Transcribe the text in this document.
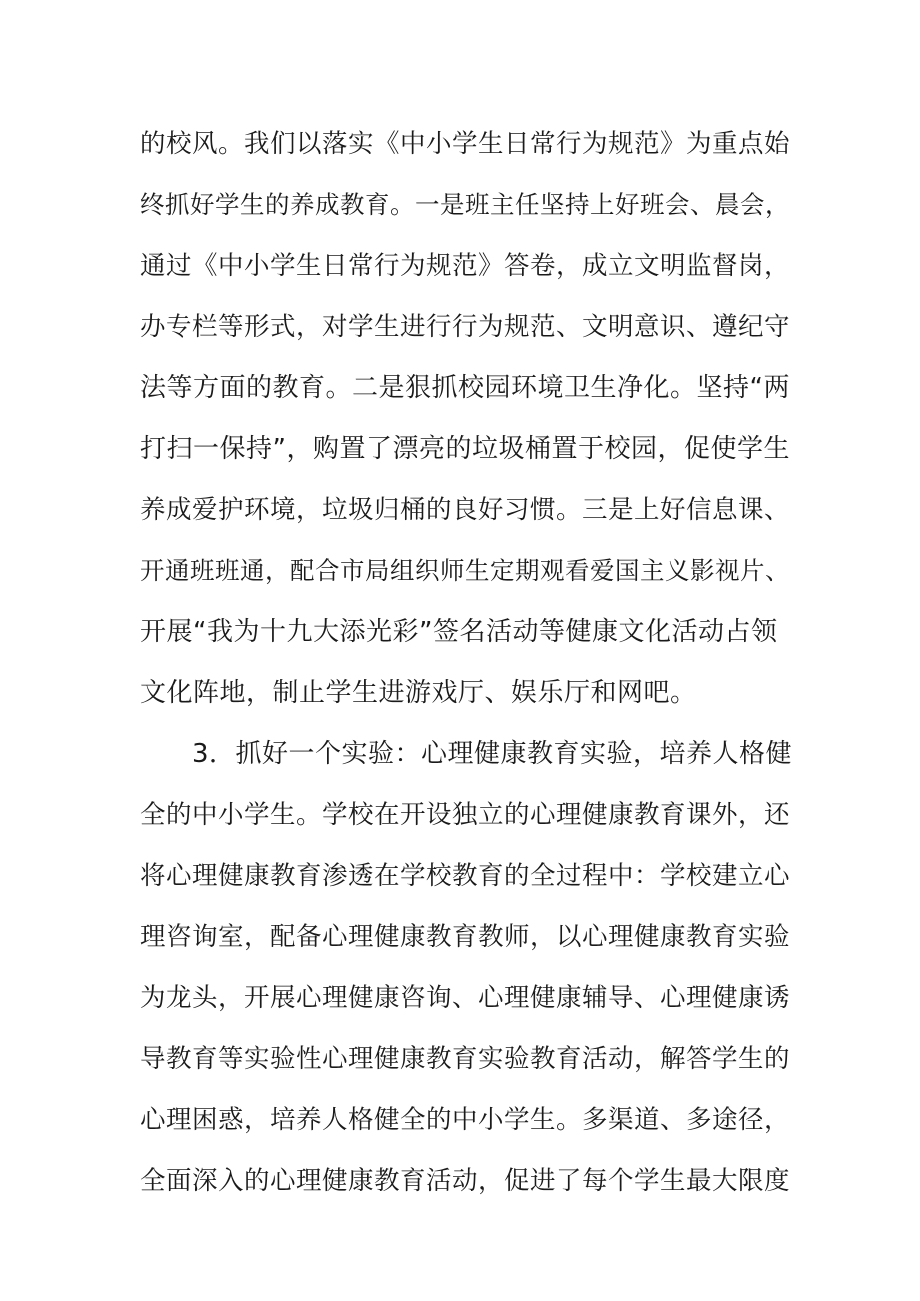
的校风。我们以落实《中小学生日常行为规范》为重点始
终抓好学生的养成教育。一是班主任坚持上好班会、晨会，
通过《中小学生日常行为规范》答卷，成立文明监督岗，
办专栏等形式，对学生进行行为规范、文明意识、遵纪守
法等方面的教育。二是狠抓校园环境卫生净化。坚持“两
打扫一保持”，购置了漂亮的垃圾桶置于校园，促使学生
养成爱护环境，垃圾归桶的良好习惯。三是上好信息课、
开通班班通，配合市局组织师生定期观看爱国主义影视片、
开展“我为十九大添光彩”签名活动等健康文化活动占领
文化阵地，制止学生进游戏厅、娱乐厅和网吧。
3．抓好一个实验：心理健康教育实验，培养人格健
全的中小学生。学校在开设独立的心理健康教育课外，还
将心理健康教育渗透在学校教育的全过程中：学校建立心
理咨询室，配备心理健康教育教师，以心理健康教育实验
为龙头，开展心理健康咨询、心理健康辅导、心理健康诱
导教育等实验性心理健康教育实验教育活动，解答学生的
心理困惑，培养人格健全的中小学生。多渠道、多途径，
全面深入的心理健康教育活动，促进了每个学生最大限度
